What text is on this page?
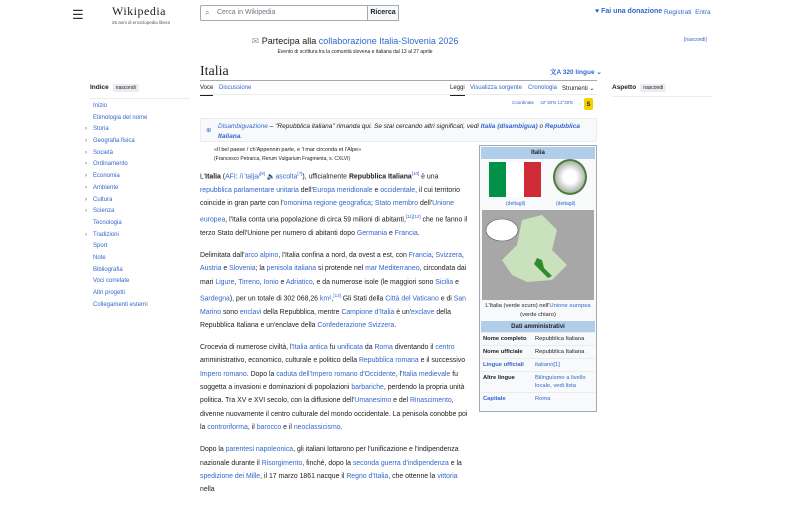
☰ Wikipedia
25 anni di enciclopedia libera
⌕ Cerca in Wikipedia	Ricerca	♥ Fai una donazione Registrati Entra
✉ Partecipa alla collaborazione Italia-Slovenia 2026
Evento di scrittura tra la comunità slovena e italiana dal 13 al 27 aprile
[nascondi]
Italia	文A 320 lingue ⌄
Voce Discussione	Leggi Visualizza sorgente Cronologia Strumenti ⌄
Indice nascondi
Inizio
Etimologia del nome
› Storia
› Geografia fisica
› Società
› Ordinamento
› Economia
› Ambiente
› Cultura
› Scienza
Tecnologia
› Tradizioni
Sport
Note
Bibliografia
Voci correlate
Altri progetti
Collegamenti esterni
Aspetto nascondi
Coordinate 42°30′N 12°30′E	S
⊕
Disambiguazione – "Repubblica italiana" rimanda qui. Se stai cercando altri significati, vedi Italia (disambigua) o Repubblica Italiana.
«Il bel paese / ch'Appennin parte, e 'l mar circonda et l'Alpe»
(Francesco Petrarca, Rerum Vulgarium Fragmenta, s. CXLVI)

L'Italia (AFI: /iˈtalja/[9] 🔈ascolta[?]), ufficialmente Repubblica Italiana[10] è una repubblica parlamentare unitaria dell'Europa meridionale e occidentale, il cui territorio coincide in gran parte con l'omonima regione geografica; Stato membro dell'Unione europea, l'Italia conta una popolazione di circa 59 milioni di abitanti,[11][12] che ne fanno il terzo Stato dell'Unione per numero di abitanti dopo Germania e Francia.

Delimitata dall'arco alpino, l'Italia confina a nord, da ovest a est, con Francia, Svizzera, Austria e Slovenia; la penisola italiana si protende nel mar Mediterraneo, circondata dai mari Ligure, Tirreno, Ionio e Adriatico, e da numerose isole (le maggiori sono Sicilia e Sardegna), per un totale di 302 068,26 km²,[13] Gli Stati della Città del Vaticano e di San Marino sono enclavi della Repubblica, mentre Campione d'Italia è un'exclave della Repubblica Italiana e un'enclave della Confederazione Svizzera.

Crocevia di numerose civiltà, l'Italia antica fu unificata da Roma diventando il centro amministrativo, economico, culturale e politico della Repubblica romana e il successivo Impero romano. Dopo la caduta dell'Impero romano d'Occidente, l'Italia medievale fu soggetta a invasioni e dominazioni di popolazioni barbariche, perdendo la propria unità politica. Tra XV e XVI secolo, con la diffusione dell'Umanesimo e del Rinascimento, divenne nuovamente il centro culturale del mondo occidentale. La penisola conobbe poi la controriforma, il barocco e il neoclassicismo.

Dopo la parentesi napoleonica, gli italiani lottarono per l'unificazione e l'indipendenza nazionale durante il Risorgimento, finché, dopo la seconda guerra d'indipendenza e la spedizione dei Mille, il 17 marzo 1861 nacque il Regno d'Italia, che ottenne la vittoria nella

Italia
(dettagli)	(dettagli)
L'Italia (verde scuro) nell'Unione europea (verde chiaro)
Dati amministrativi
Nome completo	Repubblica Italiana
Nome ufficiale	Repubblica Italiana
Lingue ufficiali	italiano[1]
Altre lingue	Bilinguismo a livello locale, vedi lista
Capitale	Roma
